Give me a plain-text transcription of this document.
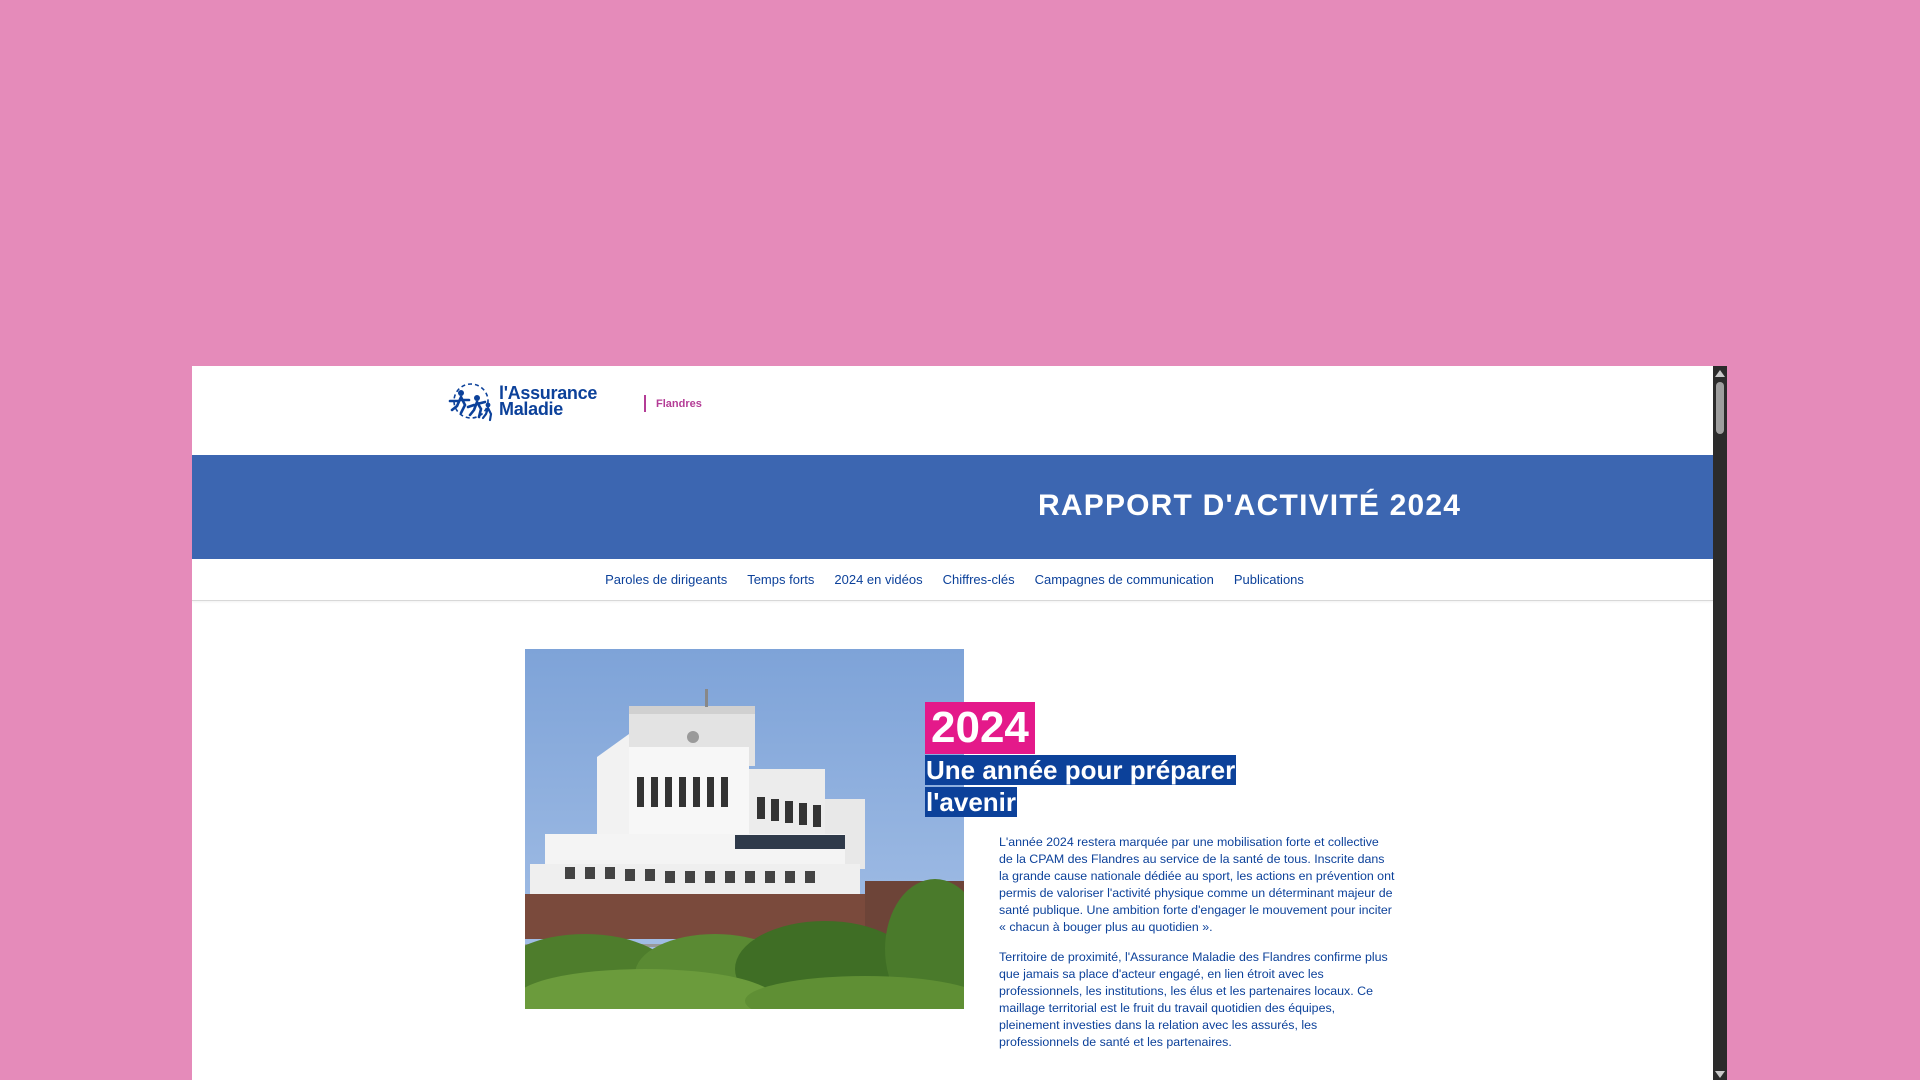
l'Assurance
Maladie	Flandres
RAPPORT D'ACTIVITÉ 2024
Paroles de dirigeants Temps forts 2024 en vidéos Chiffres-clés Campagnes de communication Publications
2024
Une année pour préparer l'avenir

L'année 2024 restera marquée par une mobilisation forte et collective de la CPAM des Flandres au service de la santé de tous. Inscrite dans la grande cause nationale dédiée au sport, les actions en prévention ont permis de valoriser l'activité physique comme un déterminant majeur de santé publique. Une ambition forte d'engager le mouvement pour inciter « chacun à bouger plus au quotidien ».

Territoire de proximité, l'Assurance Maladie des Flandres confirme plus que jamais sa place d'acteur engagé, en lien étroit avec les professionnels, les institutions, les élus et les partenaires locaux. Ce maillage territorial est le fruit du travail quotidien des équipes, pleinement investies dans la relation avec les assurés, les professionnels de santé et les partenaires.
